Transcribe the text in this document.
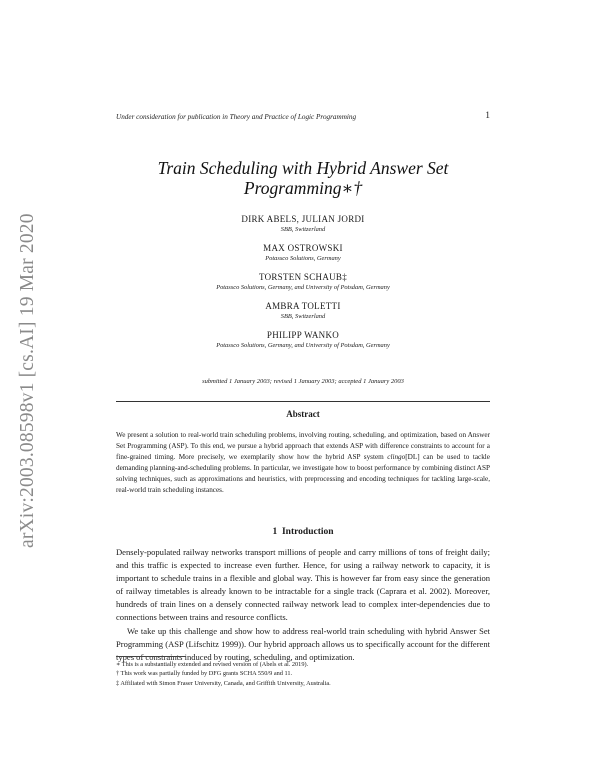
arXiv:2003.08598v1 [cs.AI] 19 Mar 2020
Under consideration for publication in Theory and Practice of Logic Programming	1
Train Scheduling with Hybrid Answer Set
Programming∗†
DIRK ABELS, JULIAN JORDI
SBB, Switzerland
MAX OSTROWSKI
Potassco Solutions, Germany
TORSTEN SCHAUB‡
Potassco Solutions, Germany, and University of Potsdam, Germany
AMBRA TOLETTI
SBB, Switzerland
PHILIPP WANKO
Potassco Solutions, Germany, and University of Potsdam, Germany
submitted 1 January 2003; revised 1 January 2003; accepted 1 January 2003
Abstract
We present a solution to real-world train scheduling problems, involving routing, scheduling, and optimization, based on Answer Set Programming (ASP). To this end, we pursue a hybrid approach that extends ASP with difference constraints to account for a fine-grained timing. More precisely, we exemplarily show how the hybrid ASP system clingo[DL] can be used to tackle demanding planning-and-scheduling problems. In particular, we investigate how to boost performance by combining distinct ASP solving techniques, such as approximations and heuristics, with preprocessing and encoding techniques for tackling large-scale, real-world train scheduling instances.
1 Introduction

Densely-populated railway networks transport millions of people and carry millions of tons of freight daily; and this traffic is expected to increase even further. Hence, for using a railway network to capacity, it is important to schedule trains in a flexible and global way. This is however far from easy since the generation of railway timetables is already known to be intractable for a single track (Caprara et al. 2002). Moreover, hundreds of train lines on a densely connected railway network lead to complex inter-dependencies due to connections between trains and resource conflicts.

We take up this challenge and show how to address real-world train scheduling with hybrid Answer Set Programming (ASP (Lifschitz 1999)). Our hybrid approach allows us to specifically account for the different types of constraints induced by routing, scheduling, and optimization.

∗ This is a substantially extended and revised version of (Abels et al. 2019).
† This work was partially funded by DFG grants SCHA 550/9 and 11.
‡ Affiliated with Simon Fraser University, Canada, and Griffith University, Australia.
